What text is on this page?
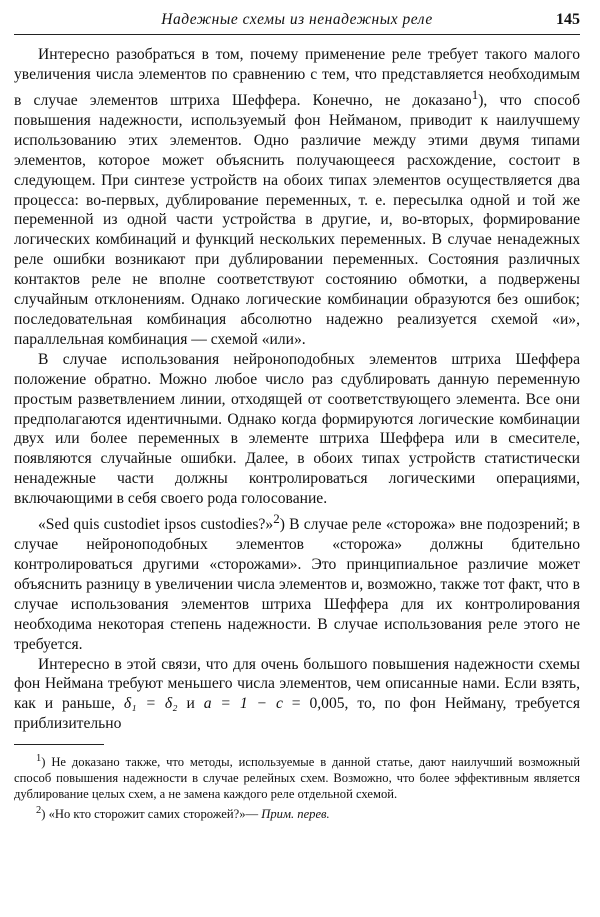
Надежные схемы из ненадежных реле	145

Интересно разобраться в том, почему применение реле требует такого малого увеличения числа элементов по сравнению с тем, что представляется необходимым в случае элементов штриха Шеффера. Конечно, не доказано$^1$), что способ повышения надежности, используемый фон Нейманом, приводит к наилучшему использованию этих элементов. Одно различие между этими двумя типами элементов, которое может объяснить получающееся расхождение, состоит в следующем. При синтезе устройств на обоих типах элементов осуществляется два процесса: во-первых, дублирование переменных, т. е. пересылка одной и той же переменной из одной части устройства в другие, и, во-вторых, формирование логических комбинаций и функций нескольких переменных. В случае ненадежных реле ошибки возникают при дублировании переменных. Состояния различных контактов реле не вполне соответствуют состоянию обмотки, а подвержены случайным отклонениям. Однако логические комбинации образуются без ошибок; последовательная комбинация абсолютно надежно реализуется схемой «и», параллельная комбинация — схемой «или».

В случае использования нейроноподобных элементов штриха Шеффера положение обратно. Можно любое число раз сдублировать данную переменную простым разветвлением линии, отходящей от соответствующего элемента. Все они предполагаются идентичными. Однако когда формируются логические комбинации двух или более переменных в элементе штриха Шеффера или в смесителе, появляются случайные ошибки. Далее, в обоих типах устройств статистически ненадежные части должны контролироваться логическими операциями, включающими в себя своего рода голосование.

«Sed quis custodiet ipsos custodies?»$^2$) В случае реле «сторожа» вне подозрений; в случае нейроноподобных элементов «сторожа» должны бдительно контролироваться другими «сторожами». Это принципиальное различие может объяснить разницу в увеличении числа элементов и, возможно, также тот факт, что в случае использования элементов штриха Шеффера для их контролирования необходима некоторая степень надежности. В случае использования реле этого не требуется.

Интересно в этой связи, что для очень большого повышения надежности схемы фон Неймана требуют меньшего числа элементов, чем описанные нами. Если взять, как и раньше, δ₁ = δ₂ и a = 1 − c = 0,005, то, по фон Нейману, требуется приблизительно

$^1$) Не доказано также, что методы, используемые в данной статье, дают наилучший возможный способ повышения надежности в случае релейных схем. Возможно, что более эффективным является дублирование целых схем, а не замена каждого реле отдельной схемой.

$^2$) «Но кто сторожит самих сторожей?»— Прим. перев.
